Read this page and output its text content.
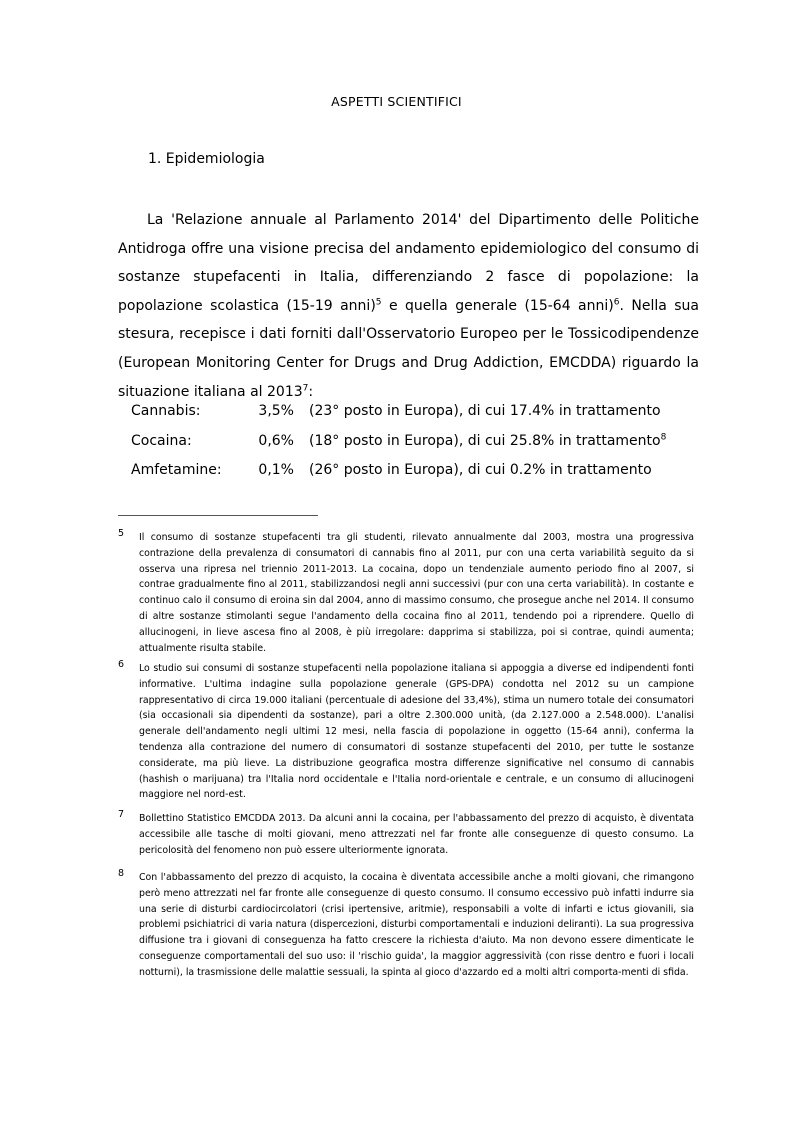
ASPETTI SCIENTIFICI
1. Epidemiologia

La 'Relazione annuale al Parlamento 2014' del Dipartimento delle Politiche Antidroga offre una visione precisa del andamento epidemiologico del consumo di sostanze stupefacenti in Italia, differenziando 2 fasce di popolazione: la popolazione scolastica (15-19 anni)$^5$ e quella generale (15-64 anni)$^6$. Nella sua stesura, recepisce i dati forniti dall'Osservatorio Europeo per le Tossicodipendenze (European Monitoring Center for Drugs and Drug Addiction, EMCDDA) riguardo la situazione italiana al 2013$^7$:

Cannabis:	3,5% (23° posto in Europa), di cui 17.4% in trattamento
Cocaina:	0,6% (18° posto in Europa), di cui 25.8% in trattamento$^8$
Amfetamine:	0,1% (26° posto in Europa), di cui 0.2% in trattamento
5 Il consumo di sostanze stupefacenti tra gli studenti, rilevato annualmente dal 2003, mostra una progressiva contrazione della prevalenza di consumatori di cannabis fino al 2011, pur con una certa variabilità seguito da si osserva una ripresa nel triennio 2011-2013. La cocaina, dopo un tendenziale aumento periodo fino al 2007, si contrae gradualmente fino al 2011, stabilizzandosi negli anni successivi (pur con una certa variabilità). In costante e continuo calo il consumo di eroina sin dal 2004, anno di massimo consumo, che prosegue anche nel 2014. Il consumo di altre sostanze stimolanti segue l'andamento della cocaina fino al 2011, tendendo poi a riprendere. Quello di allucinogeni, in lieve ascesa fino al 2008, è più irregolare: dapprima si stabilizza, poi si contrae, quindi aumenta; attualmente risulta stabile.

6 Lo studio sui consumi di sostanze stupefacenti nella popolazione italiana si appoggia a diverse ed indipendenti fonti informative. L'ultima indagine sulla popolazione generale (GPS-DPA) condotta nel 2012 su un campione rappresentativo di circa 19.000 italiani (percentuale di adesione del 33,4%), stima un numero totale dei consumatori (sia occasionali sia dipendenti da sostanze), pari a oltre 2.300.000 unità, (da 2.127.000 a 2.548.000). L'analisi generale dell'andamento negli ultimi 12 mesi, nella fascia di popolazione in oggetto (15-64 anni), conferma la tendenza alla contrazione del numero di consumatori di sostanze stupefacenti del 2010, per tutte le sostanze considerate, ma più lieve. La distribuzione geografica mostra differenze significative nel consumo di cannabis (hashish o marijuana) tra l'Italia nord occidentale e l'Italia nord-orientale e centrale, e un consumo di allucinogeni maggiore nel nord-est.

7 Bollettino Statistico EMCDDA 2013. Da alcuni anni la cocaina, per l'abbassamento del prezzo di acquisto, è diventata accessibile alle tasche di molti giovani, meno attrezzati nel far fronte alle conseguenze di questo consumo. La pericolosità del fenomeno non può essere ulteriormente ignorata.

8 Con l'abbassamento del prezzo di acquisto, la cocaina è diventata accessibile anche a molti giovani, che rimangono però meno attrezzati nel far fronte alle conseguenze di questo consumo. Il consumo eccessivo può infatti indurre sia una serie di disturbi cardiocircolatori (crisi ipertensive, aritmie), responsabili a volte di infarti e ictus giovanili, sia problemi psichiatrici di varia natura (dispercezioni, disturbi comportamentali e induzioni deliranti). La sua progressiva diffusione tra i giovani di conseguenza ha fatto crescere la richiesta d'aiuto. Ma non devono essere dimenticate le conseguenze comportamentali del suo uso: il 'rischio guida', la maggior aggressività (con risse dentro e fuori i locali notturni), la trasmissione delle malattie sessuali, la spinta al gioco d'azzardo ed a molti altri comporta-menti di sfida.
